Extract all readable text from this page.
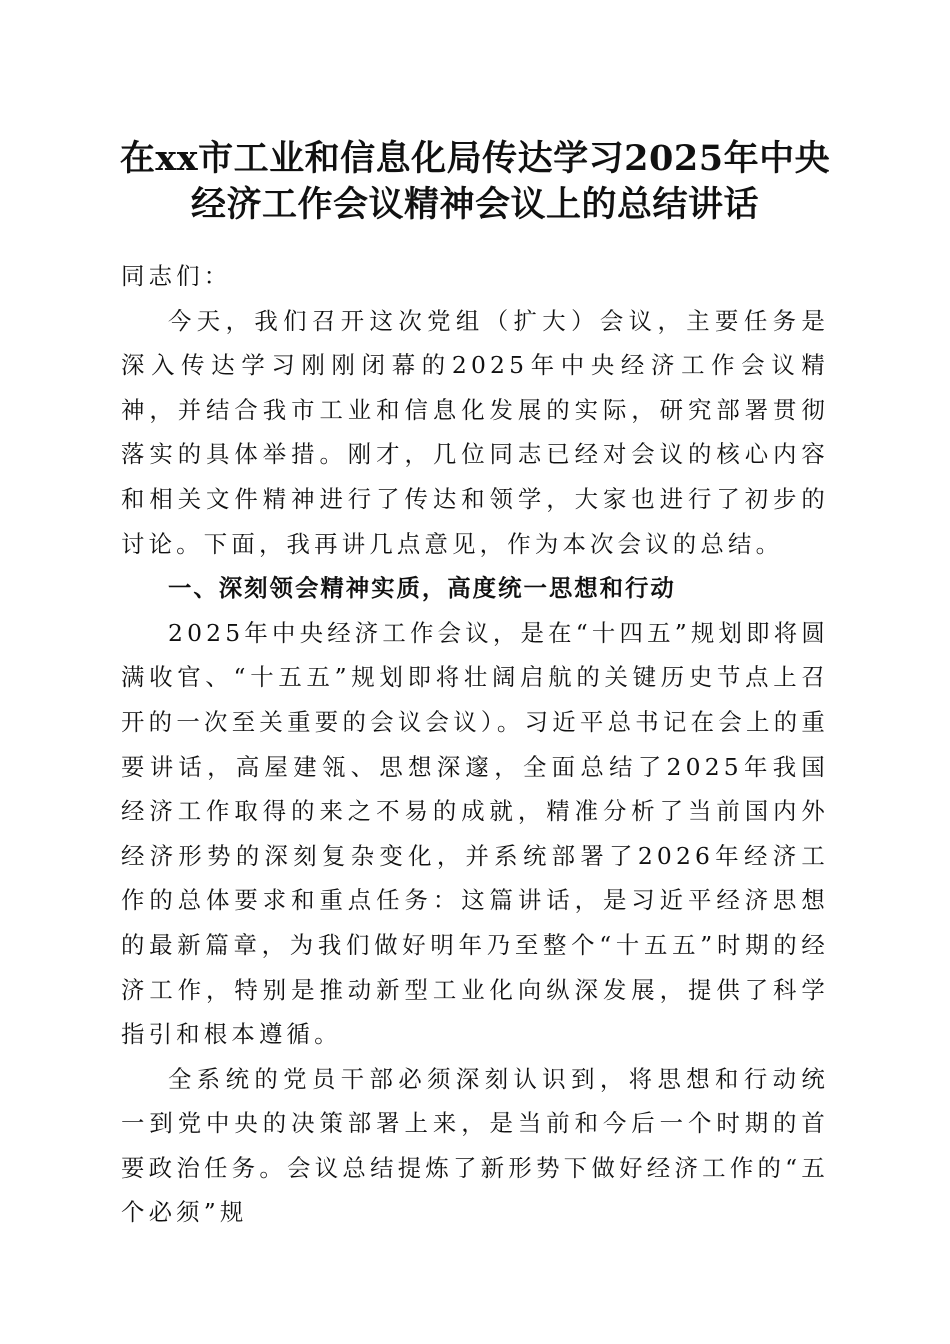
在xx市工业和信息化局传达学习2025年中央
经济工作会议精神会议上的总结讲话

同志们：

今天，我们召开这次党组（扩大）会议，主要任务是深入传达学习刚刚闭幕的2025年中央经济工作会议精神，并结合我市工业和信息化发展的实际，研究部署贯彻落实的具体举措。刚才，几位同志已经对会议的核心内容和相关文件精神进行了传达和领学，大家也进行了初步的讨论。下面，我再讲几点意见，作为本次会议的总结。

一、深刻领会精神实质，高度统一思想和行动

2025年中央经济工作会议，是在“十四五”规划即将圆满收官、“十五五”规划即将壮阔启航的关键历史节点上召开的一次至关重要的会议会议）。习近平总书记在会上的重要讲话，高屋建瓴、思想深邃，全面总结了2025年我国经济工作取得的来之不易的成就，精准分析了当前国内外经济形势的深刻复杂变化，并系统部署了2026年经济工作的总体要求和重点任务：这篇讲话，是习近平经济思想的最新篇章，为我们做好明年乃至整个“十五五”时期的经济工作，特别是推动新型工业化向纵深发展，提供了科学指引和根本遵循。

全系统的党员干部必须深刻认识到，将思想和行动统一到党中央的决策部署上来，是当前和今后一个时期的首要政治任务。会议总结提炼了新形势下做好经济工作的“五个必须”规
